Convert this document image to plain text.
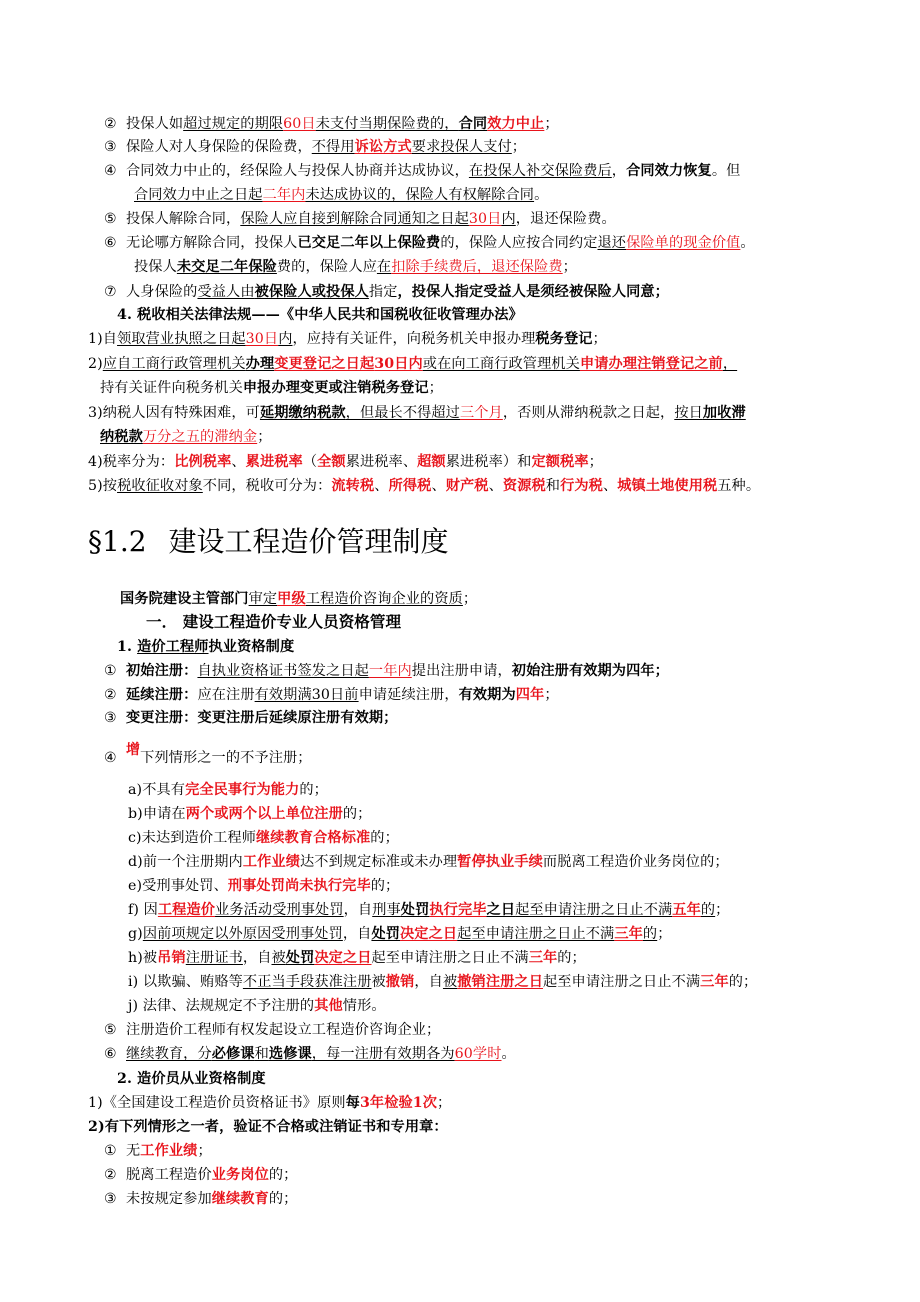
② 投保人如超过规定的期限60日未支付当期保险费的，合同效力中止；
③ 保险人对人身保险的保险费，不得用诉讼方式要求投保人支付；
④ 合同效力中止的，经保险人与投保人协商并达成协议，在投保人补交保险费后，合同效力恢复。但
合同效力中止之日起二年内未达成协议的，保险人有权解除合同。
⑤ 投保人解除合同，保险人应自接到解除合同通知之日起30日内，退还保险费。
⑥ 无论哪方解除合同，投保人已交足二年以上保险费的，保险人应按合同约定退还保险单的现金价值。
投保人未交足二年保险费的，保险人应在扣除手续费后，退还保险费；
⑦ 人身保险的受益人由被保险人或投保人指定，投保人指定受益人是须经被保险人同意；
4. 税收相关法律法规——《中华人民共和国税收征收管理办法》
1)自领取营业执照之日起30日内，应持有关证件，向税务机关申报办理税务登记；
2)应自工商行政管理机关办理变更登记之日起30日内或在向工商行政管理机关申请办理注销登记之前，
持有关证件向税务机关申报办理变更或注销税务登记；
3)纳税人因有特殊困难，可延期缴纳税款，但最长不得超过三个月，否则从滞纳税款之日起，按日加收滞
纳税款万分之五的滞纳金；
4)税率分为：比例税率、累进税率（全额累进税率、超额累进税率）和定额税率；
5)按税收征收对象不同，税收可分为：流转税、所得税、财产税、资源税和行为税、城镇土地使用税五种。
§1.2 建设工程造价管理制度
国务院建设主管部门审定甲级工程造价咨询企业的资质；
一． 建设工程造价专业人员资格管理
1. 造价工程师执业资格制度
① 初始注册：自执业资格证书签发之日起一年内提出注册申请，初始注册有效期为四年；
② 延续注册：应在注册有效期满30日前申请延续注册，有效期为四年；
③ 变更注册：变更注册后延续原注册有效期；
④ 增下列情形之一的不予注册；
a)不具有完全民事行为能力的；
b)申请在两个或两个以上单位注册的；
c)未达到造价工程师继续教育合格标准的；
d)前一个注册期内工作业绩达不到规定标准或未办理暂停执业手续而脱离工程造价业务岗位的；
e)受刑事处罚、刑事处罚尚未执行完毕的；
f) 因工程造价业务活动受刑事处罚，自刑事处罚执行完毕之日起至申请注册之日止不满五年的；
g)因前项规定以外原因受刑事处罚，自处罚决定之日起至申请注册之日止不满三年的；
h)被吊销注册证书，自被处罚决定之日起至申请注册之日止不满三年的；
i) 以欺骗、贿赂等不正当手段获准注册被撤销，自被撤销注册之日起至申请注册之日止不满三年的；
j) 法律、法规规定不予注册的其他情形。
⑤ 注册造价工程师有权发起设立工程造价咨询企业；
⑥ 继续教育，分必修课和选修课，每一注册有效期各为60学时。
2. 造价员从业资格制度
1)《全国建设工程造价员资格证书》原则每3年检验1次；
2)有下列情形之一者，验证不合格或注销证书和专用章：
① 无工作业绩；
② 脱离工程造价业务岗位的；
③ 未按规定参加继续教育的；
